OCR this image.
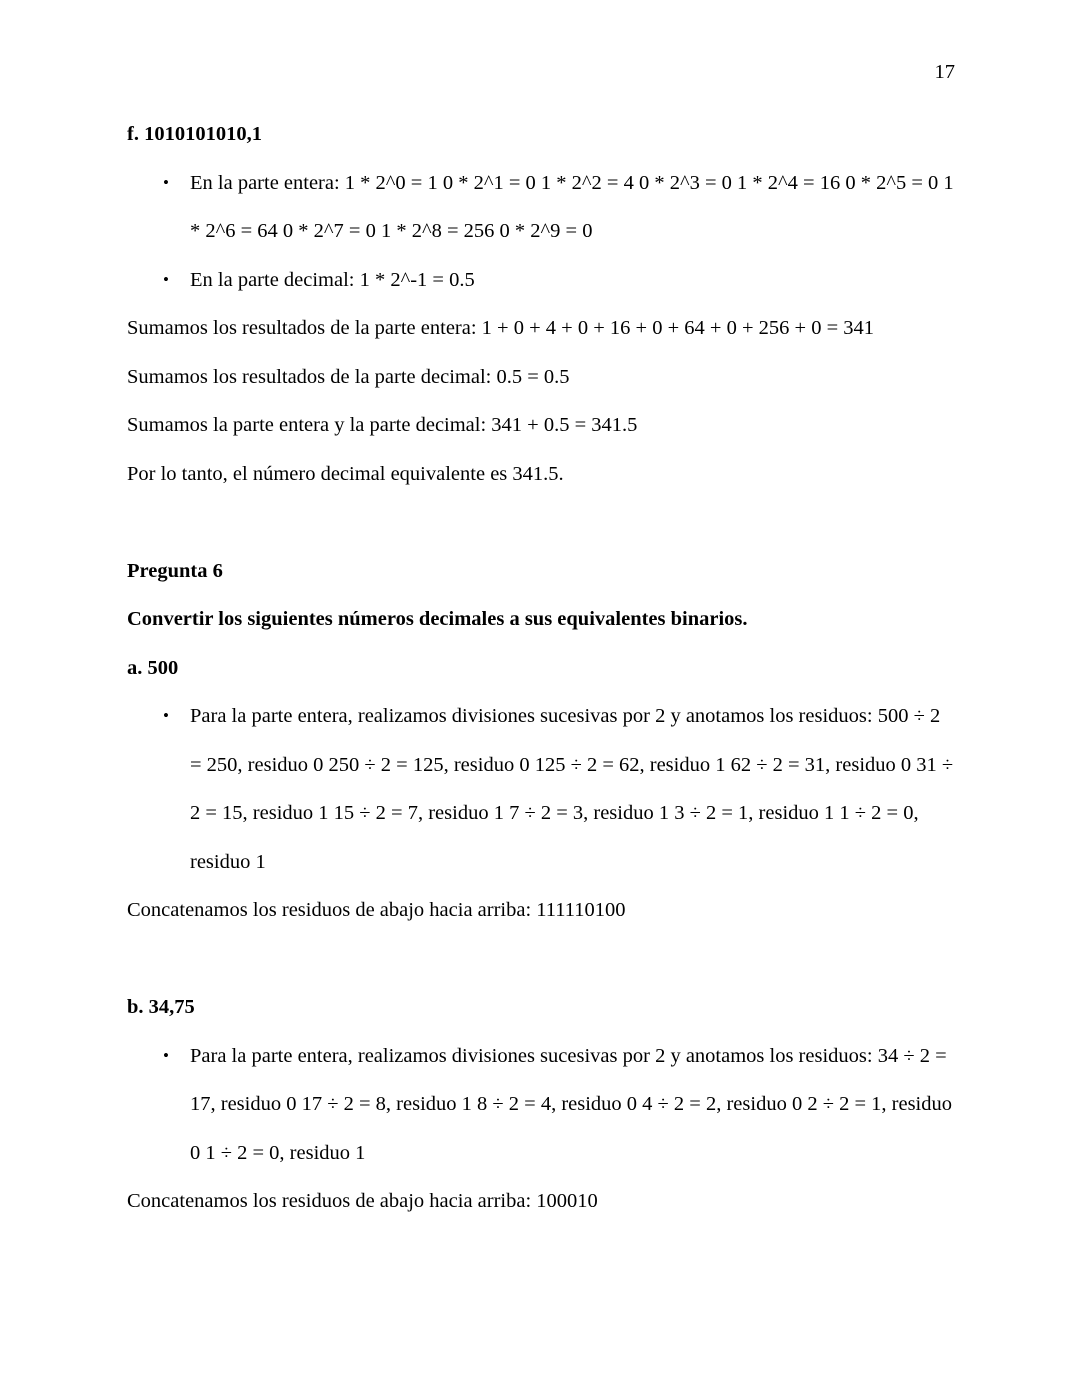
17

f. 1010101010,1

•	En la parte entera: 1 * 2^0 = 1 0 * 2^1 = 0 1 * 2^2 = 4 0 * 2^3 = 0 1 * 2^4 = 16 0 * 2^5 = 0 1 * 2^6 = 64 0 * 2^7 = 0 1 * 2^8 = 256 0 * 2^9 = 0
•	En la parte decimal: 1 * 2^-1 = 0.5

Sumamos los resultados de la parte entera: 1 + 0 + 4 + 0 + 16 + 0 + 64 + 0 + 256 + 0 = 341

Sumamos los resultados de la parte decimal: 0.5 = 0.5

Sumamos la parte entera y la parte decimal: 341 + 0.5 = 341.5

Por lo tanto, el número decimal equivalente es 341.5.

Pregunta 6

Convertir los siguientes números decimales a sus equivalentes binarios.

a. 500

•	Para la parte entera, realizamos divisiones sucesivas por 2 y anotamos los residuos: 500 ÷ 2 = 250, residuo 0 250 ÷ 2 = 125, residuo 0 125 ÷ 2 = 62, residuo 1 62 ÷ 2 = 31, residuo 0 31 ÷ 2 = 15, residuo 1 15 ÷ 2 = 7, residuo 1 7 ÷ 2 = 3, residuo 1 3 ÷ 2 = 1, residuo 1 1 ÷ 2 = 0, residuo 1

Concatenamos los residuos de abajo hacia arriba: 111110100

b. 34,75

•	Para la parte entera, realizamos divisiones sucesivas por 2 y anotamos los residuos: 34 ÷ 2 = 17, residuo 0 17 ÷ 2 = 8, residuo 1 8 ÷ 2 = 4, residuo 0 4 ÷ 2 = 2, residuo 0 2 ÷ 2 = 1, residuo 0 1 ÷ 2 = 0, residuo 1

Concatenamos los residuos de abajo hacia arriba: 100010
